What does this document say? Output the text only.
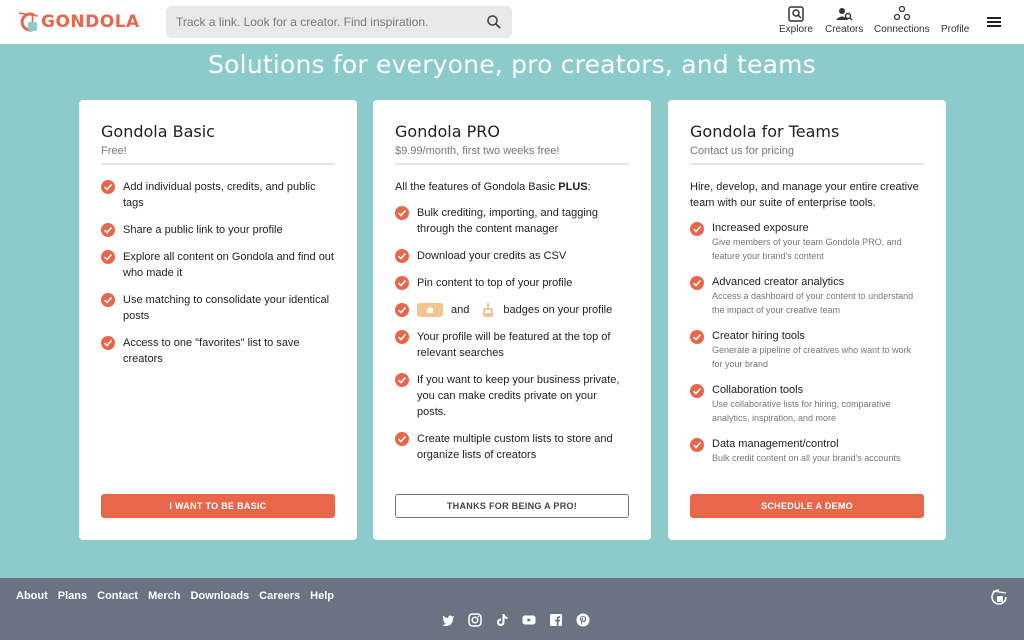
GONDOLA
Track a link. Look for a creator. Find inspiration.	Explore Creators Connections Profile
Solutions for everyone, pro creators, and teams
Gondola Basic
Free!
Add individual posts, credits, and public tags
Share a public link to your profile
Explore all content on Gondola and find out who made it
Use matching to consolidate your identical posts
Access to one "favorites" list to save creators
I WANT TO BE BASIC
Gondola PRO
$9.99/month, first two weeks free!
All the features of Gondola Basic PLUS:
Bulk crediting, importing, and tagging through the content manager
Download your credits as CSV
Pin content to top of your profile
and	badges on your profile
Your profile will be featured at the top of relevant searches
If you want to keep your business private, you can make credits private on your posts.
Create multiple custom lists to store and organize lists of creators
THANKS FOR BEING A PRO!
Gondola for Teams
Contact us for pricing
Hire, develop, and manage your entire creative team with our suite of enterprise tools.
Increased exposure
Give members of your team Gondola PRO, and feature your brand's content
Advanced creator analytics
Access a dashboard of your content to understand the impact of your creative team
Creator hiring tools
Generate a pipeline of creatives who want to work for your brand
Collaboration tools
Use collaborative lists for hiring, comparative analytics, inspiration, and more
Data management/control
Bulk credit content on all your brand's accounts
SCHEDULE A DEMO
About Plans Contact Merch Downloads Careers Help
